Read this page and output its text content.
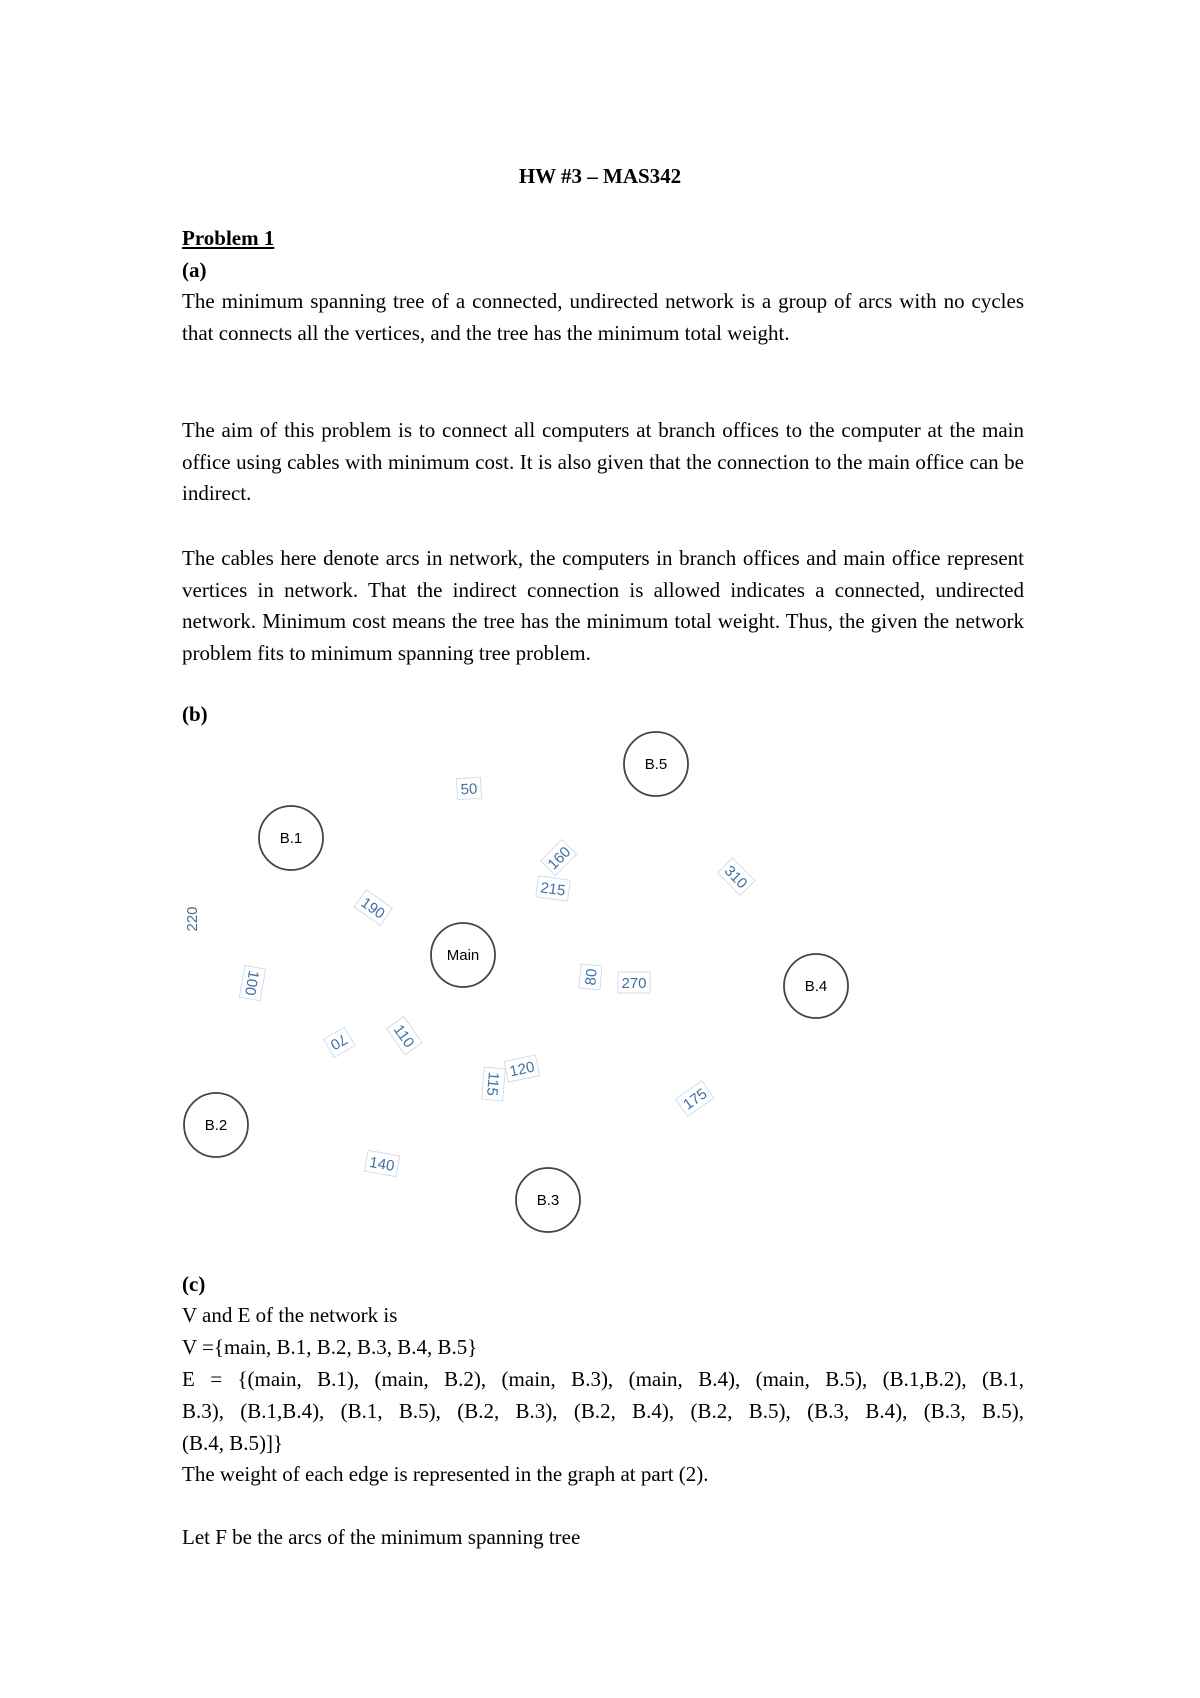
HW #3 – MAS342
Problem 1
(a)
The minimum spanning tree of a connected, undirected network is a group of arcs with no cycles that connects all the vertices, and the tree has the minimum total weight.
The aim of this problem is to connect all computers at branch offices to the computer at the main office using cables with minimum cost. It is also given that the connection to the main office can be indirect.
The cables here denote arcs in network, the computers in branch offices and main office represent vertices in network. That the indirect connection is allowed indicates a connected, undirected network. Minimum cost means the tree has the minimum total weight. Thus, the given the network problem fits to minimum spanning tree problem.
(b)
B.5
B.1
Main
B.4
B.2
B.3
50
160
215	310
190
220
100	80 270
70	110
115
120
175
140
(c)
V and E of the network is
V ={main, B.1, B.2, B.3, B.4, B.5}
E = {(main, B.1), (main, B.2), (main, B.3), (main, B.4), (main, B.5), (B.1,B.2), (B.1,
B.3), (B.1,B.4), (B.1, B.5), (B.2, B.3), (B.2, B.4), (B.2, B.5), (B.3, B.4), (B.3, B.5),
(B.4, B.5)]}
The weight of each edge is represented in the graph at part (2).
Let F be the arcs of the minimum spanning tree
